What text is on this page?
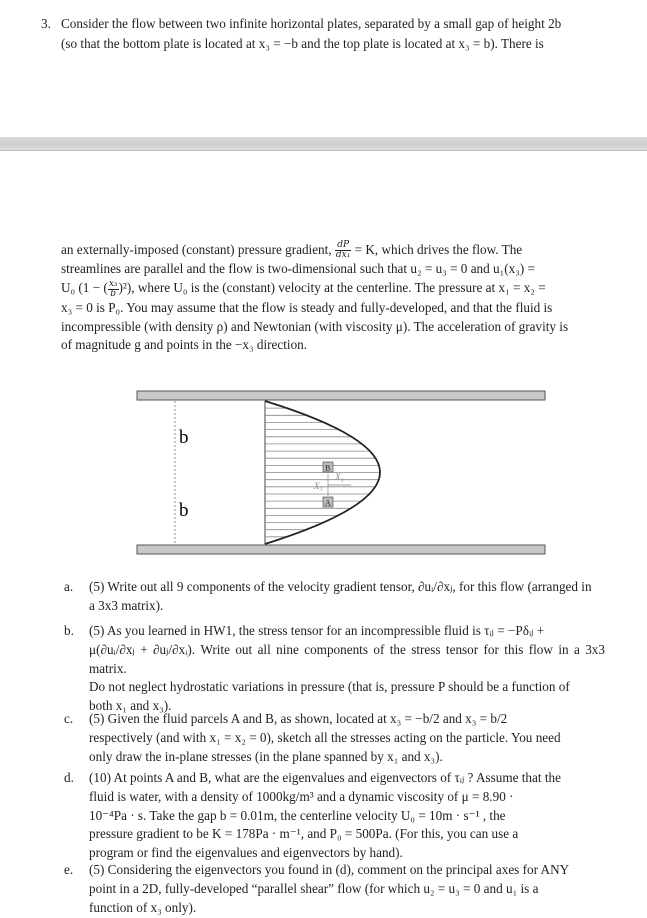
3. Consider the flow between two infinite horizontal plates, separated by a small gap of height 2b
(so that the bottom plate is located at x₃ = −b and the top plate is located at x₃ = b). There is
an externally-imposed (constant) pressure gradient, $\frac{dP}{\text{dx₁}} = K$, which drives the flow. The
streamlines are parallel and the flow is two-dimensional such that u₂ = u₃ = 0 and u₁(x₃) =
U₀ (1 − ( $\frac{\text{x₃}}{b} )^2$), where U₀ is the (constant) velocity at the centerline. The pressure at x₁ = x₂ =
x₃ = 0 is P₀. You may assume that the flow is steady and fully-developed, and that the fluid is
incompressible (with density ρ) and Newtonian (with viscosity μ). The acceleration of gravity is
of magnitude g and points in the −x₃ direction.
b
b
B
A
X₃
X₁
a. (5) Write out all 9 components of the velocity gradient tensor, ∂uᵢ/∂xⱼ, for this flow (arranged in
a 3x3 matrix).
b. (5) As you learned in HW1, the stress tensor for an incompressible fluid is τᵢⱼ = −Pδᵢⱼ +
μ(∂uᵢ/∂xⱼ + ∂uⱼ/∂xᵢ). Write out all nine components of the stress tensor for this flow in a 3x3 matrix.
Do not neglect hydrostatic variations in pressure (that is, pressure P should be a function of
both x₁ and x₃).
c. (5) Given the fluid parcels A and B, as shown, located at x₃ = −b/2 and x₃ = b/2
respectively (and with x₁ = x₂ = 0), sketch all the stresses acting on the particle. You need
only draw the in-plane stresses (in the plane spanned by x₁ and x₃).
d. (10) At points A and B, what are the eigenvalues and eigenvectors of τᵢⱼ ? Assume that the
fluid is water, with a density of 1000kg/m³ and a dynamic viscosity of μ = 8.90 ·
10⁻⁴Pa · s. Take the gap b = 0.01m, the centerline velocity U₀ = 10m · s⁻¹ , the
pressure gradient to be K = 178Pa · m⁻¹, and P₀ = 500Pa. (For this, you can use a
program or find the eigenvalues and eigenvectors by hand).
e. (5) Considering the eigenvectors you found in (d), comment on the principal axes for ANY
point in a 2D, fully-developed “parallel shear” flow (for which u₂ = u₃ = 0 and u₁ is a
function of x₃ only).
